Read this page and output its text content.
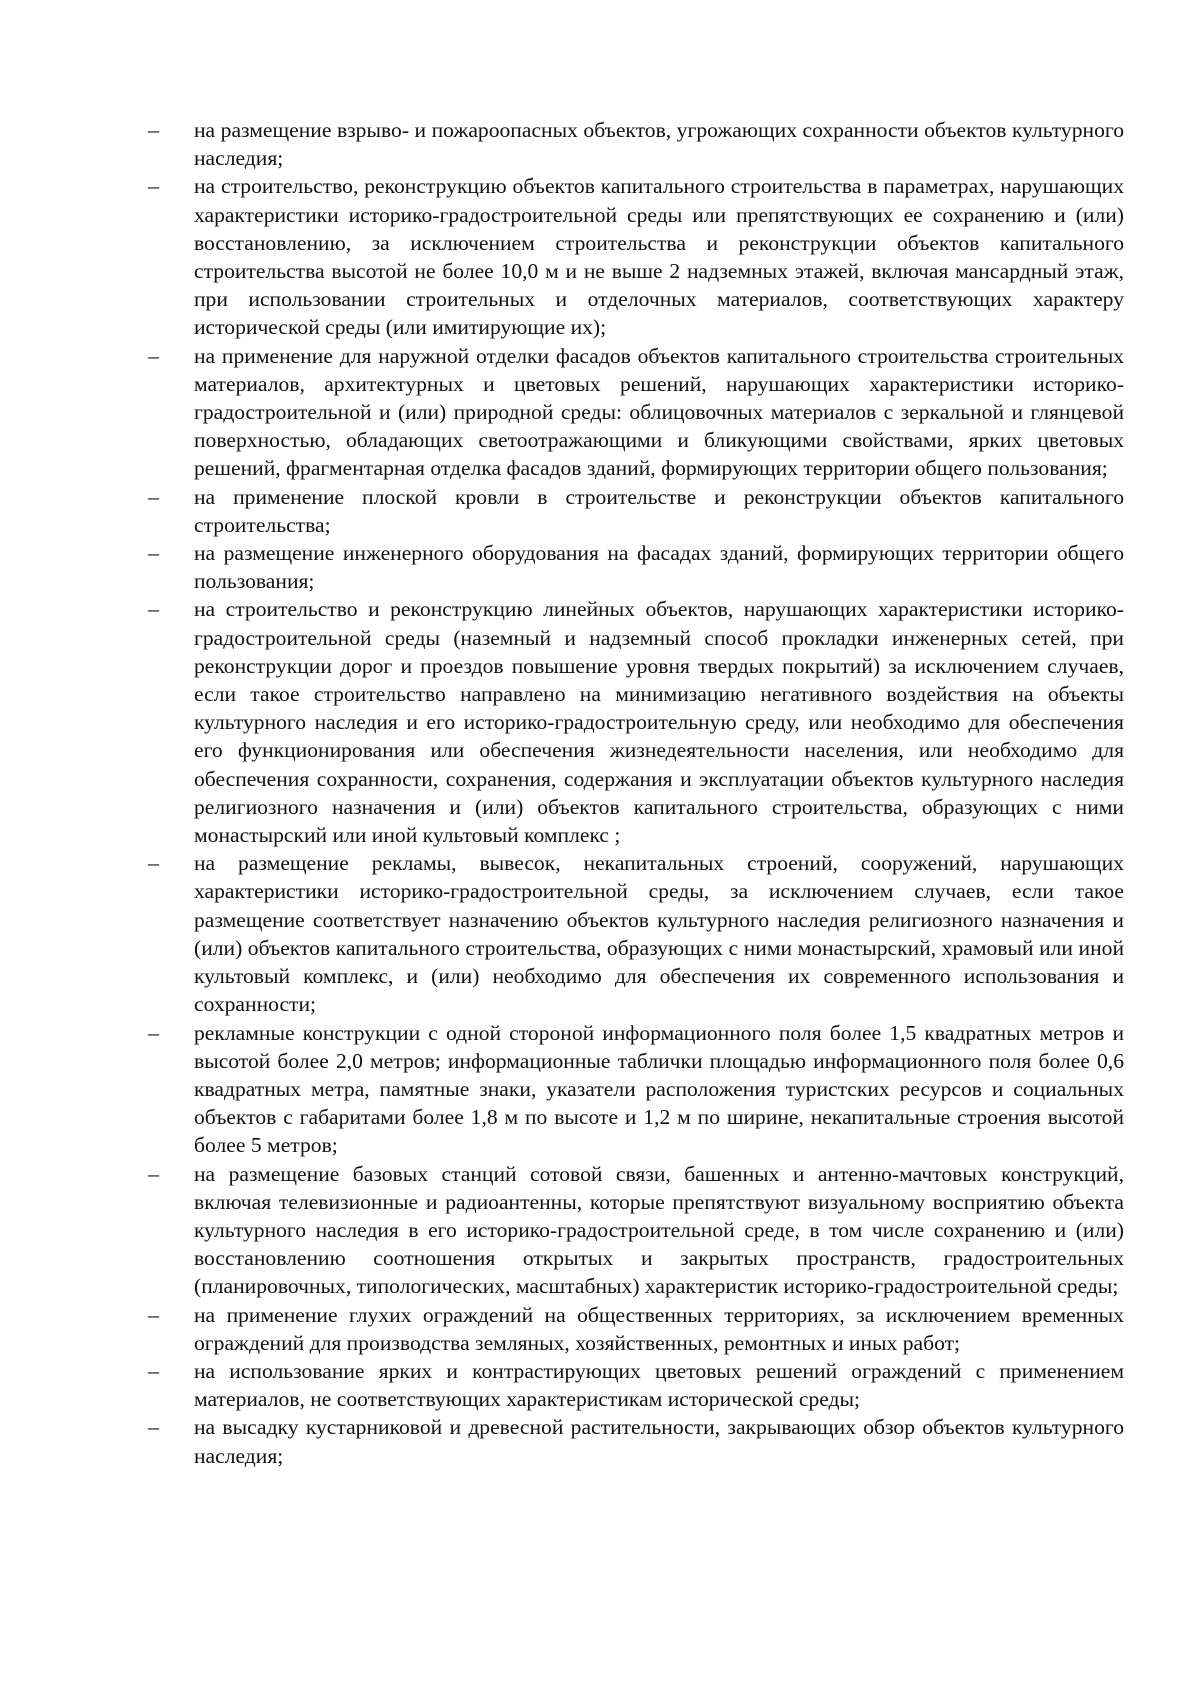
–	на размещение взрыво- и пожароопасных объектов, угрожающих сохранности объектов культурного наследия;

–	на строительство, реконструкцию объектов капитального строительства в параметрах, нарушающих характеристики историко-градостроительной среды или препятствующих ее сохранению и (или) восстановлению, за исключением строительства и реконструкции объектов капитального строительства высотой не более 10,0 м и не выше 2 надземных этажей, включая мансардный этаж, при использовании строительных и отделочных материалов, соответствующих характеру исторической среды (или имитирующие их);

–	на применение для наружной отделки фасадов объектов капитального строительства строительных материалов, архитектурных и цветовых решений, нарушающих характеристики историко-градостроительной и (или) природной среды: облицовочных материалов с зеркальной и глянцевой поверхностью, обладающих светоотражающими и бликующими свойствами, ярких цветовых решений, фрагментарная отделка фасадов зданий, формирующих территории общего пользования;

–	на применение плоской кровли в строительстве и реконструкции объектов капитального строительства;

–	на размещение инженерного оборудования на фасадах зданий, формирующих территории общего пользования;

–	на строительство и реконструкцию линейных объектов, нарушающих характеристики историко-градостроительной среды (наземный и надземный способ прокладки инженерных сетей, при реконструкции дорог и проездов повышение уровня твердых покрытий) за исключением случаев, если такое строительство направлено на минимизацию негативного воздействия на объекты культурного наследия и его историко-градостроительную среду, или необходимо для обеспечения его функционирования или обеспечения жизнедеятельности населения, или необходимо для обеспечения сохранности, сохранения, содержания и эксплуатации объектов культурного наследия религиозного назначения и (или) объектов капитального строительства, образующих с ними монастырский или иной культовый комплекс ;

–	на размещение рекламы, вывесок, некапитальных строений, сооружений, нарушающих характеристики историко-градостроительной среды, за исключением случаев, если такое размещение соответствует назначению объектов культурного наследия религиозного назначения и (или) объектов капитального строительства, образующих с ними монастырский, храмовый или иной культовый комплекс, и (или) необходимо для обеспечения их современного использования и сохранности;

–	рекламные конструкции с одной стороной информационного поля более 1,5 квадратных метров и высотой более 2,0 метров; информационные таблички площадью информационного поля более 0,6 квадратных метра, памятные знаки, указатели расположения туристских ресурсов и социальных объектов с габаритами более 1,8 м по высоте и 1,2 м по ширине, некапитальные строения высотой более 5 метров;

–	на размещение базовых станций сотовой связи, башенных и антенно-мачтовых конструкций, включая телевизионные и радиоантенны, которые препятствуют визуальному восприятию объекта культурного наследия в его историко-градостроительной среде, в том числе сохранению и (или) восстановлению соотношения открытых и закрытых пространств, градостроительных (планировочных, типологических, масштабных) характеристик историко-градостроительной среды;

–	на применение глухих ограждений на общественных территориях, за исключением временных ограждений для производства земляных, хозяйственных, ремонтных и иных работ;

–	на использование ярких и контрастирующих цветовых решений ограждений с применением материалов, не соответствующих характеристикам исторической среды;

–	на высадку кустарниковой и древесной растительности, закрывающих обзор объектов культурного наследия;
